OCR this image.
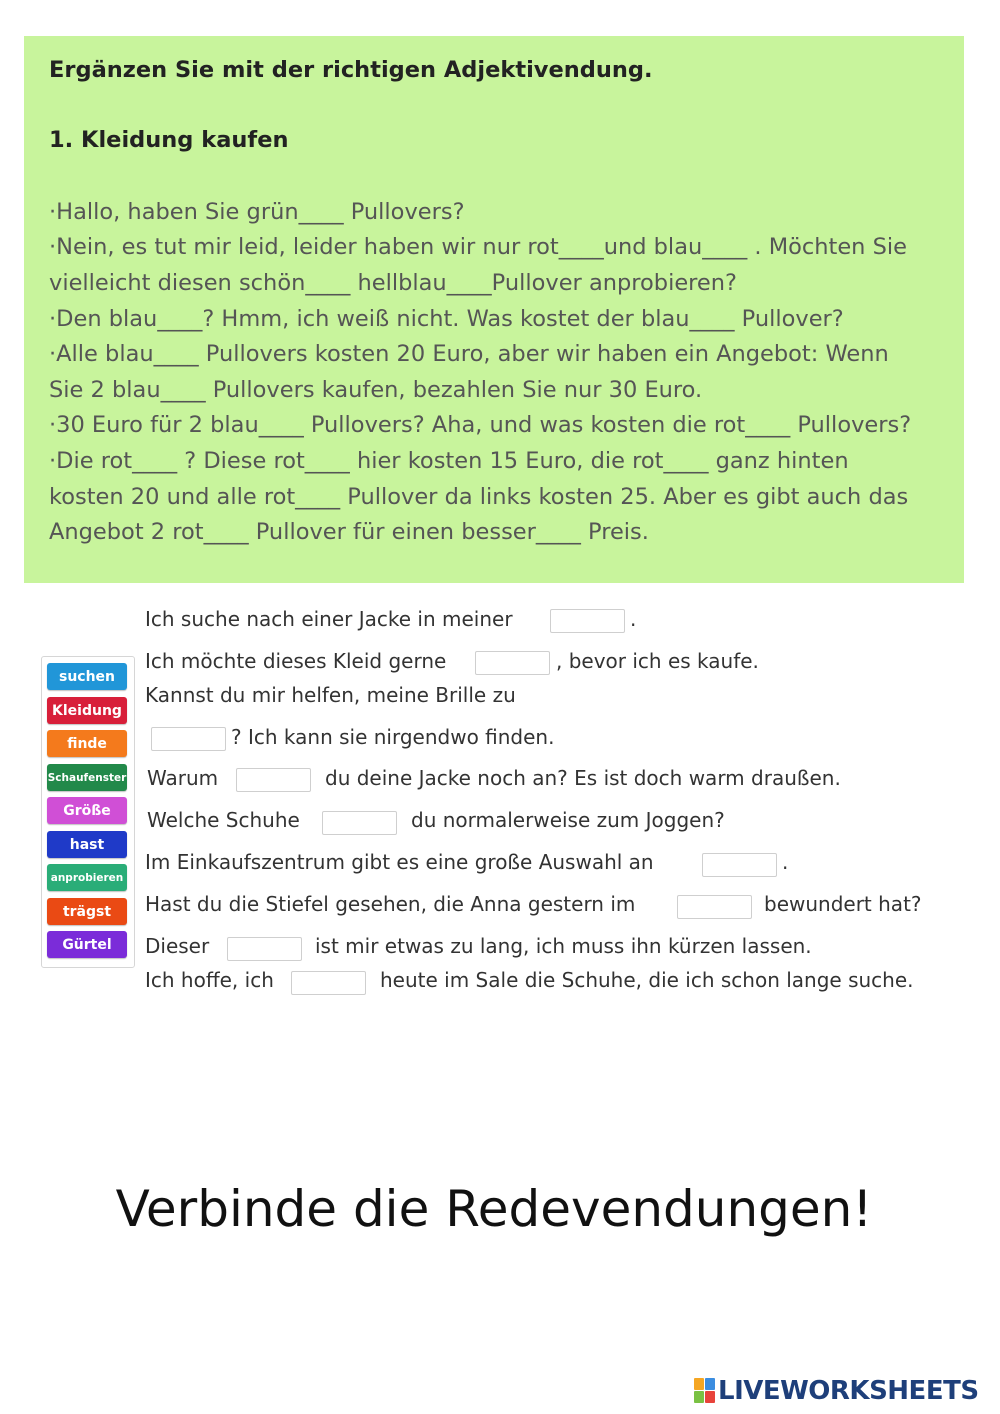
Ergänzen Sie mit der richtigen Adjektivendung.
1. Kleidung kaufen
·Hallo, haben Sie grün____ Pullovers?
·Nein, es tut mir leid, leider haben wir nur rot____und blau____ . Möchten Sie
vielleicht diesen schön____ hellblau____Pullover anprobieren?
·Den blau____? Hmm, ich weiß nicht. Was kostet der blau____ Pullover?
·Alle blau____ Pullovers kosten 20 Euro, aber wir haben ein Angebot: Wenn
Sie 2 blau____ Pullovers kaufen, bezahlen Sie nur 30 Euro.
·30 Euro für 2 blau____ Pullovers? Aha, und was kosten die rot____ Pullovers?
·Die rot____ ? Diese rot____ hier kosten 15 Euro, die rot____ ganz hinten
kosten 20 und alle rot____ Pullover da links kosten 25. Aber es gibt auch das
Angebot 2 rot____ Pullover für einen besser____ Preis.
suchen
Kleidung
finde
Schaufenster
Größe
hast
anprobieren
trägst
Gürtel
Ich suche nach einer Jacke in meiner	.
Ich möchte dieses Kleid gerne	, bevor ich es kaufe.
Kannst du mir helfen, meine Brille zu
? Ich kann sie nirgendwo finden.
Warum	du deine Jacke noch an? Es ist doch warm draußen.
Welche Schuhe	du normalerweise zum Joggen?
Im Einkaufszentrum gibt es eine große Auswahl an	.
Hast du die Stiefel gesehen, die Anna gestern im	bewundert hat?
Dieser	ist mir etwas zu lang, ich muss ihn kürzen lassen.
Ich hoffe, ich	heute im Sale die Schuhe, die ich schon lange suche.
Verbinde die Redevendungen!
LIVEWORKSHEETS
